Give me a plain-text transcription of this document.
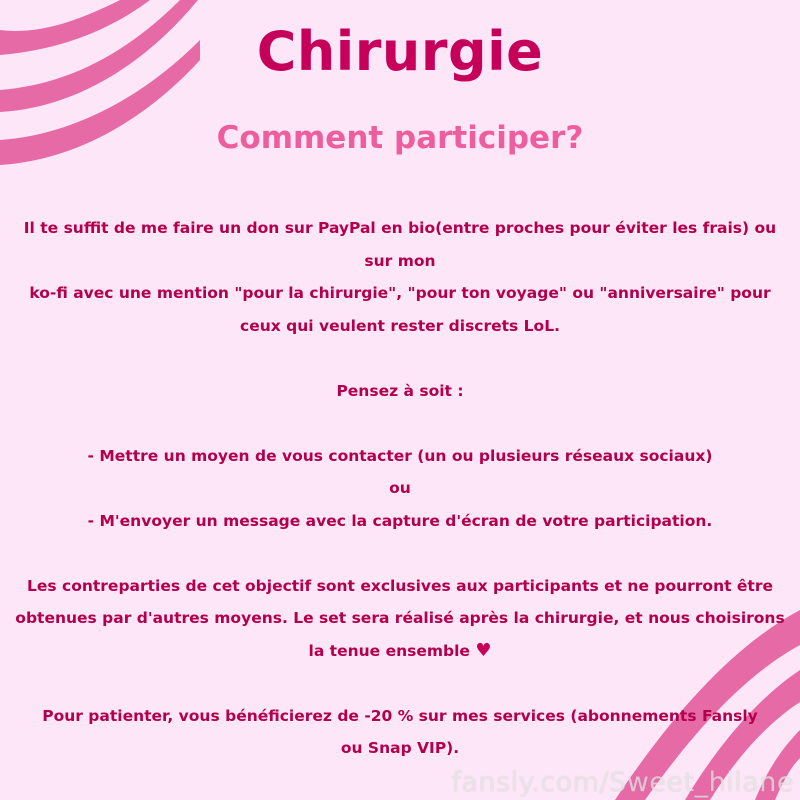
Chirurgie
Comment participer?

Il te suffit de me faire un don sur PayPal en bio(entre proches pour éviter les frais) ou

sur mon

ko-fi avec une mention "pour la chirurgie", "pour ton voyage" ou "anniversaire" pour

ceux qui veulent rester discrets LoL.

Pensez à soit :

- Mettre un moyen de vous contacter (un ou plusieurs réseaux sociaux)

ou

- M'envoyer un message avec la capture d'écran de votre participation.

Les contreparties de cet objectif sont exclusives aux participants et ne pourront être

obtenues par d'autres moyens. Le set sera réalisé après la chirurgie, et nous choisirons

la tenue ensemble ♥

Pour patienter, vous bénéficierez de -20 % sur mes services (abonnements Fansly

ou Snap VIP).

fansly.com/Sweet_hilane
